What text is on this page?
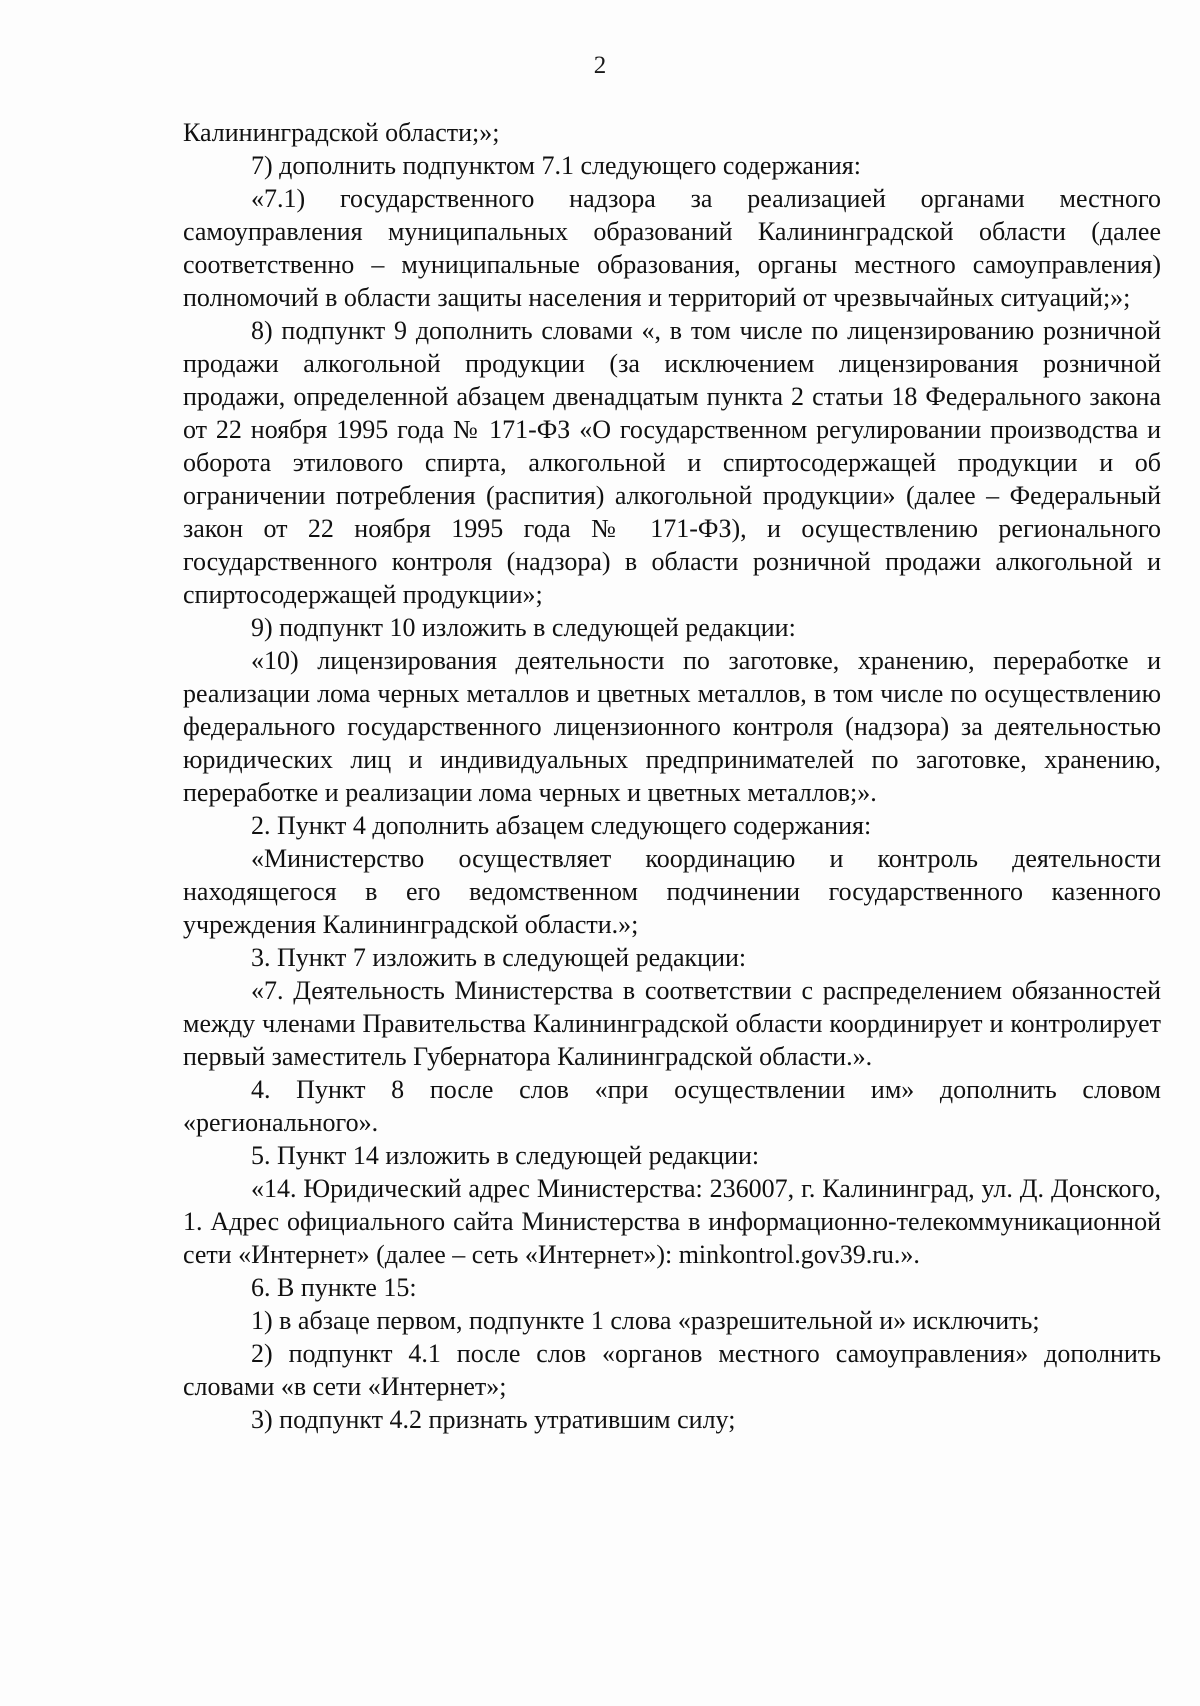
2

Калининградской области;»;

7) дополнить подпунктом 7.1 следующего содержания:

«7.1) государственного надзора за реализацией органами местного самоуправления муниципальных образований Калининградской области (далее соответственно – муниципальные образования, органы местного самоуправления) полномочий в области защиты населения и территорий от чрезвычайных ситуаций;»;

8) подпункт 9 дополнить словами «, в том числе по лицензированию розничной продажи алкогольной продукции (за исключением лицензирования розничной продажи, определенной абзацем двенадцатым пункта 2 статьи 18 Федерального закона от 22 ноября 1995 года № 171-ФЗ «О государственном регулировании производства и оборота этилового спирта, алкогольной и спиртосодержащей продукции и об ограничении потребления (распития) алкогольной продукции» (далее – Федеральный закон от 22 ноября 1995 года № 171-ФЗ), и осуществлению регионального государственного контроля (надзора) в области розничной продажи алкогольной и спиртосодержащей продукции»;

9) подпункт 10 изложить в следующей редакции:

«10) лицензирования деятельности по заготовке, хранению, переработке и реализации лома черных металлов и цветных металлов, в том числе по осуществлению федерального государственного лицензионного контроля (надзора) за деятельностью юридических лиц и индивидуальных предпринимателей по заготовке, хранению, переработке и реализации лома черных и цветных металлов;».

2. Пункт 4 дополнить абзацем следующего содержания:

«Министерство осуществляет координацию и контроль деятельности находящегося в его ведомственном подчинении государственного казенного учреждения Калининградской области.»;

3. Пункт 7 изложить в следующей редакции:

«7. Деятельность Министерства в соответствии с распределением обязанностей между членами Правительства Калининградской области координирует и контролирует первый заместитель Губернатора Калининградской области.».

4. Пункт 8 после слов «при осуществлении им» дополнить словом «регионального».

5. Пункт 14 изложить в следующей редакции:

«14. Юридический адрес Министерства: 236007, г. Калининград, ул. Д. Донского, 1. Адрес официального сайта Министерства в информационно-телекоммуникационной сети «Интернет» (далее – сеть «Интернет»): minkontrol.gov39.ru.».

6. В пункте 15:

1) в абзаце первом, подпункте 1 слова «разрешительной и» исключить;

2) подпункт 4.1 после слов «органов местного самоуправления» дополнить словами «в сети «Интернет»;

3) подпункт 4.2 признать утратившим силу;
